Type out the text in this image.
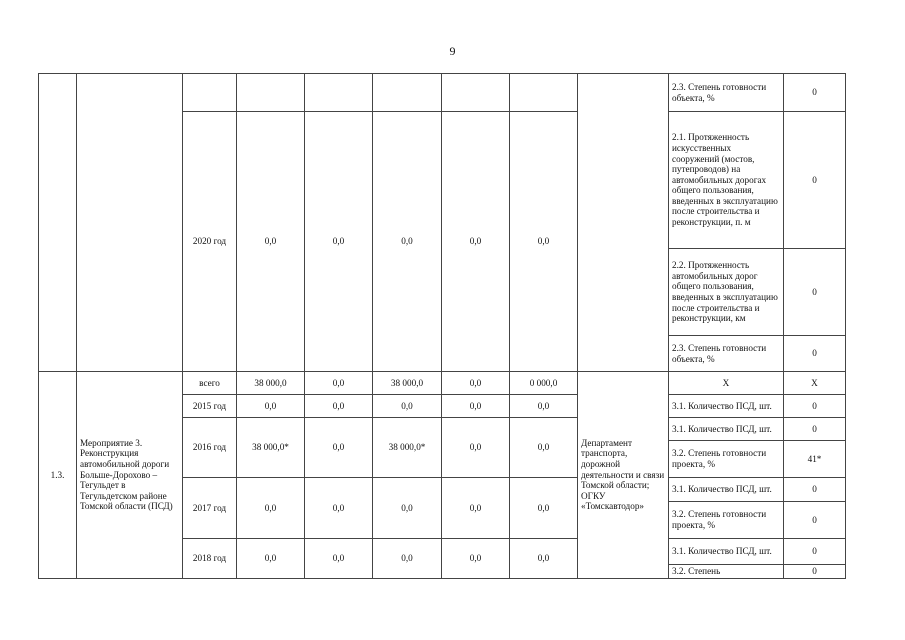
9
									2.3. Степень готовности объекта, %	0
		2020 год	0,0	0,0	0,0	0,0	0,0		2.1. Протяженность искусственных сооружений (мостов, путепроводов) на автомобильных дорогах общего пользования, введенных в эксплуатацию после строительства и реконструкции, п. м	0
									2.2. Протяженность автомобильных дорог общего пользования, введенных в эксплуатацию после строительства и реконструкции, км	0
									2.3. Степень готовности объекта, %	0
1.3.	Мероприятие 3. Реконструкция автомобильной дороги Больше-Дорохово – Тегульдет в Тегульдетском районе Томской области (ПСД)	всего	38 000,0	0,0	38 000,0	0,0	0 000,0	Департамент транспорта, дорожной деятельности и связи Томской области; ОГКУ «Томскавтодор»	Х	Х
		2015 год	0,0	0,0	0,0	0,0	0,0		3.1. Количество ПСД, шт.	0
		2016 год	38 000,0*	0,0	38 000,0*	0,0	0,0		3.1. Количество ПСД, шт.	0
									3.2. Степень готовности проекта, %	41*
		2017 год	0,0	0,0	0,0	0,0	0,0		3.1. Количество ПСД, шт.	0
									3.2. Степень готовности проекта, %	0
		2018 год	0,0	0,0	0,0	0,0	0,0		3.1. Количество ПСД, шт.	0
									3.2. Степень	0
